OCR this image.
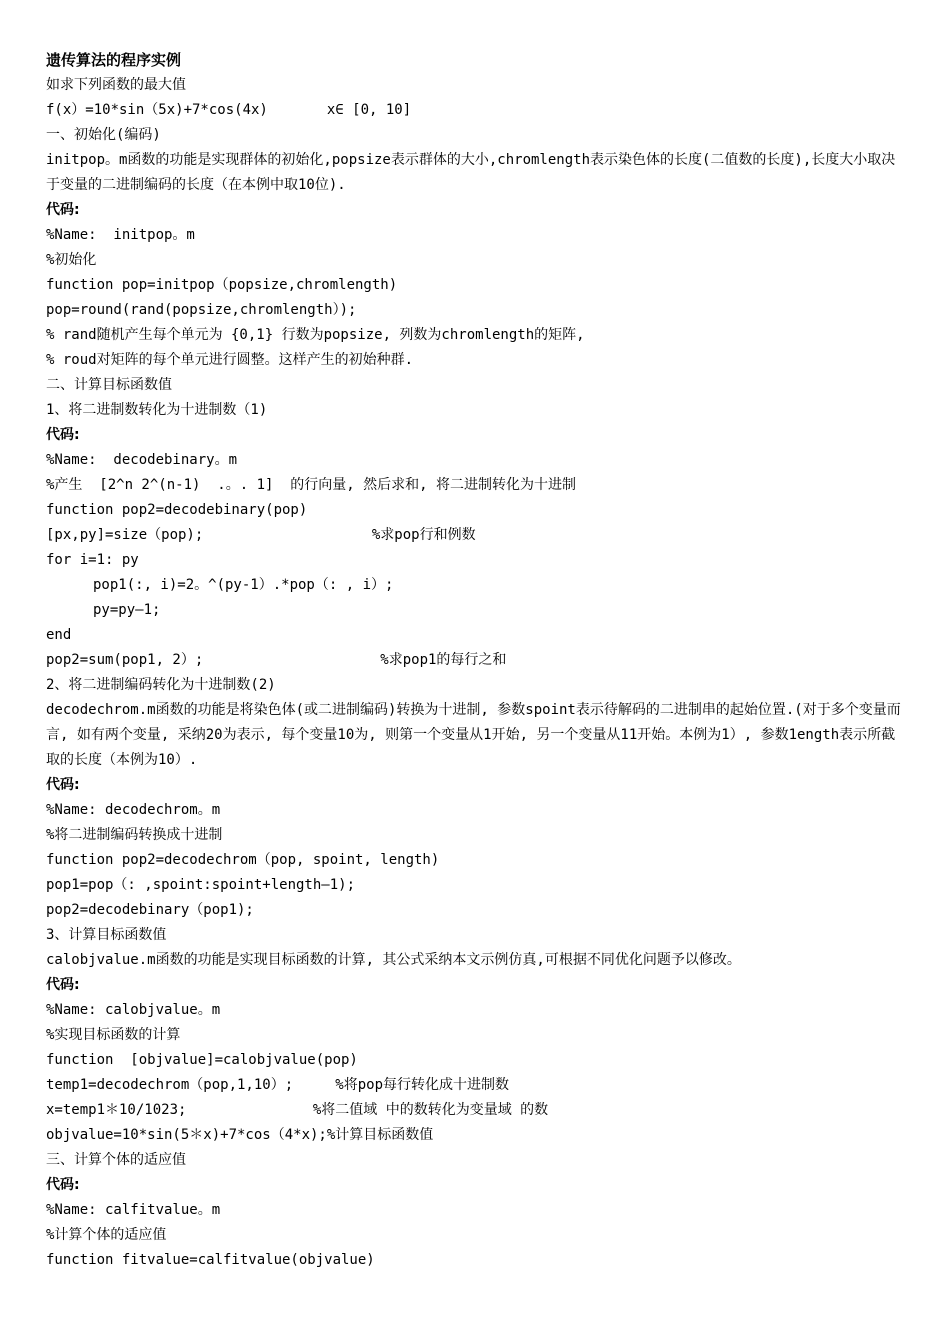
遗传算法的程序实例
如求下列函数的最大值
f(x）=10*sin（5x)+7*cos(4x)       x∈ [0, 10]
一、初始化(编码)
initpop。m函数的功能是实现群体的初始化,popsize表示群体的大小,chromlength表示染色体的长度(二值数的长度),长度大小取决于变量的二进制编码的长度（在本例中取10位).
代码:
%Name:  initpop。m
%初始化
function pop=initpop（popsize,chromlength)
pop=round(rand(popsize,chromlength）);
% rand随机产生每个单元为 {0,1} 行数为popsize, 列数为chromlength的矩阵,
% roud对矩阵的每个单元进行圆整。这样产生的初始种群.
二、计算目标函数值
1、将二进制数转化为十进制数（1)
代码:
%Name:  decodebinary。m
%产生  [2^n 2^(n-1)  .。. 1]  的行向量, 然后求和, 将二进制转化为十进制
function pop2=decodebinary(pop)
[px,py]=size（pop);                    %求pop行和例数
for i=1: py
pop1(:, i)=2。^(py-1）.*pop（: , i）;
py=py—1;
end
pop2=sum(pop1, 2）;                     %求pop1的每行之和
2、将二进制编码转化为十进制数(2)
decodechrom.m函数的功能是将染色体(或二进制编码)转换为十进制, 参数spoint表示待解码的二进制串的起始位置.(对于多个变量而言, 如有两个变量, 采纳20为表示, 每个变量10为, 则第一个变量从1开始, 另一个变量从11开始。本例为1）, 参数1ength表示所截取的长度（本例为10）.
代码:
%Name: decodechrom。m
%将二进制编码转换成十进制
function pop2=decodechrom（pop, spoint, length)
pop1=pop（: ,spoint:spoint+length—1);
pop2=decodebinary（pop1);
3、计算目标函数值
calobjvalue.m函数的功能是实现目标函数的计算, 其公式采纳本文示例仿真,可根据不同优化问题予以修改。
代码:
%Name: calobjvalue。m
%实现目标函数的计算
function  [objvalue]=calobjvalue(pop)
temp1=decodechrom（pop,1,10）;     %将pop每行转化成十进制数
x=temp1＊10/1023;               %将二值域 中的数转化为变量域 的数
objvalue=10*sin(5＊x)+7*cos（4*x);%计算目标函数值
三、计算个体的适应值
代码:
%Name: calfitvalue。m
%计算个体的适应值
function fitvalue=calfitvalue(objvalue)
